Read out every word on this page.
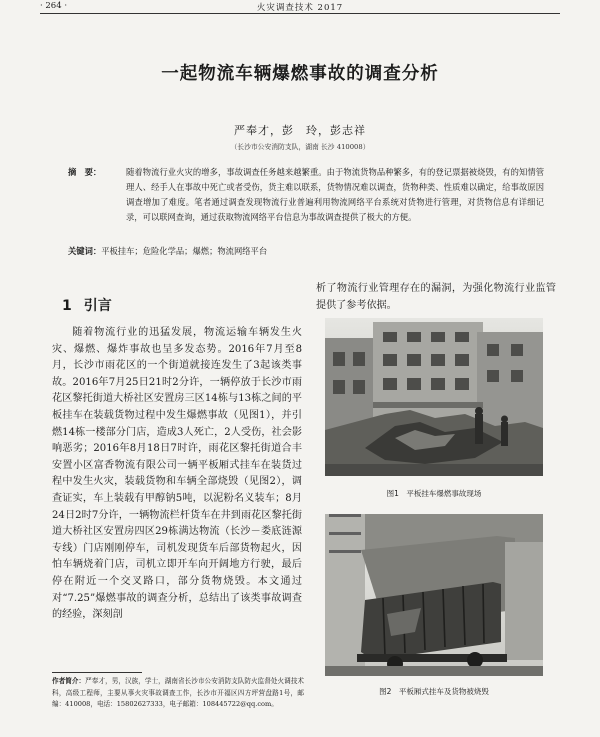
· 264 ·	火灾调查技术 2017
一起物流车辆爆燃事故的调查分析
严奉才，彭　玲，彭志祥
（长沙市公安消防支队，湖南 长沙 410008）
摘　要：	随着物流行业火灾的增多，事故调查任务越来越繁重。由于物流货物品种繁多，有的登记票据被烧毁，有的知情管理人、经手人在事故中死亡或者受伤，货主难以联系，货物情况难以调查，货物种类、性质难以确定，给事故原因调查增加了难度。笔者通过调查发现物流行业普遍利用物流网络平台系统对货物进行管理，对货物信息有详细记录，可以联网查询，通过获取物流网络平台信息为事故调查提供了极大的方便。
关键词：平板挂车；危险化学品；爆燃；物流网络平台
1 引言

随着物流行业的迅猛发展，物流运输车辆发生火灾、爆燃、爆炸事故也呈多发态势。2016年7月至8月，长沙市雨花区的一个街道就接连发生了3起该类事故。2016年7月25日21时2分许，一辆停放于长沙市雨花区黎托街道大桥社区安置房三区14栋与13栋之间的平板挂车在装载货物过程中发生爆燃事故（见图1），并引燃14栋一楼部分门店，造成3人死亡，2人受伤，社会影响恶劣；2016年8月18日7时许，雨花区黎托街道合丰安置小区富香物流有限公司一辆平板厢式挂车在装货过程中发生火灾，装载货物和车辆全部烧毁（见图2），调查证实，车上装载有甲醇钠5吨，以泥粉名义装车；8月24日2时7分许，一辆物流栏杆货车在井到雨花区黎托街道大桥社区安置房四区29栋满达物流（长沙－娄底涟源专线）门店刚刚停车，司机发现货车后部货物起火，因怕车辆烧着门店，司机立即开车向开阔地方行驶，最后停在附近一个交叉路口，部分货物烧毁。本文通过对“7.25”爆燃事故的调查分析，总结出了该类事故调查的经验，深刻剖

析了物流行业管理存在的漏洞，为强化物流行业监管提供了参考依据。
图1　平板挂车爆燃事故现场
图2　平板厢式挂车及货物被烧毁
作者简介：严奉才，男，汉族，学士，湖南省长沙市公安消防支队防火监督处火调技术科，高级工程师，主要从事火灾事故调查工作，长沙市开福区四方坪营盘路1号，邮编：410008，电话：15802627333，电子邮箱：108445722@qq.com。
